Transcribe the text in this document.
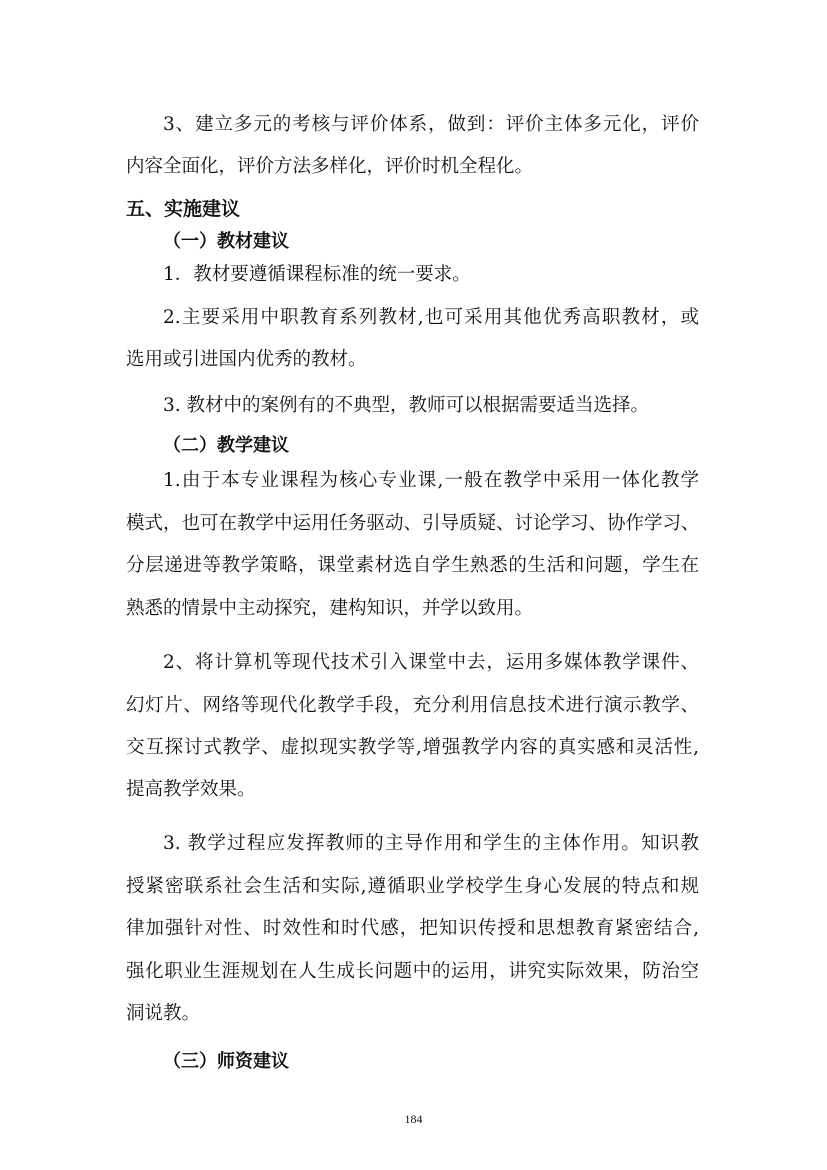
3、建立多元的考核与评价体系，做到：评价主体多元化，评价
内容全面化，评价方法多样化，评价时机全程化。
五、实施建议
（一）教材建议
1．教材要遵循课程标准的统一要求。
2.主要采用中职教育系列教材,也可采用其他优秀高职教材，或
选用或引进国内优秀的教材。
3. 教材中的案例有的不典型，教师可以根据需要适当选择。
（二）教学建议
1.由于本专业课程为核心专业课,一般在教学中采用一体化教学
模式，也可在教学中运用任务驱动、引导质疑、讨论学习、协作学习、
分层递进等教学策略，课堂素材选自学生熟悉的生活和问题，学生在
熟悉的情景中主动探究，建构知识，并学以致用。
2、将计算机等现代技术引入课堂中去，运用多媒体教学课件、
幻灯片、网络等现代化教学手段，充分利用信息技术进行演示教学、
交互探讨式教学、虚拟现实教学等,增强教学内容的真实感和灵活性,
提高教学效果。
3. 教学过程应发挥教师的主导作用和学生的主体作用。知识教
授紧密联系社会生活和实际,遵循职业学校学生身心发展的特点和规
律加强针对性、时效性和时代感，把知识传授和思想教育紧密结合,
强化职业生涯规划在人生成长问题中的运用，讲究实际效果，防治空
洞说教。
（三）师资建议
184
